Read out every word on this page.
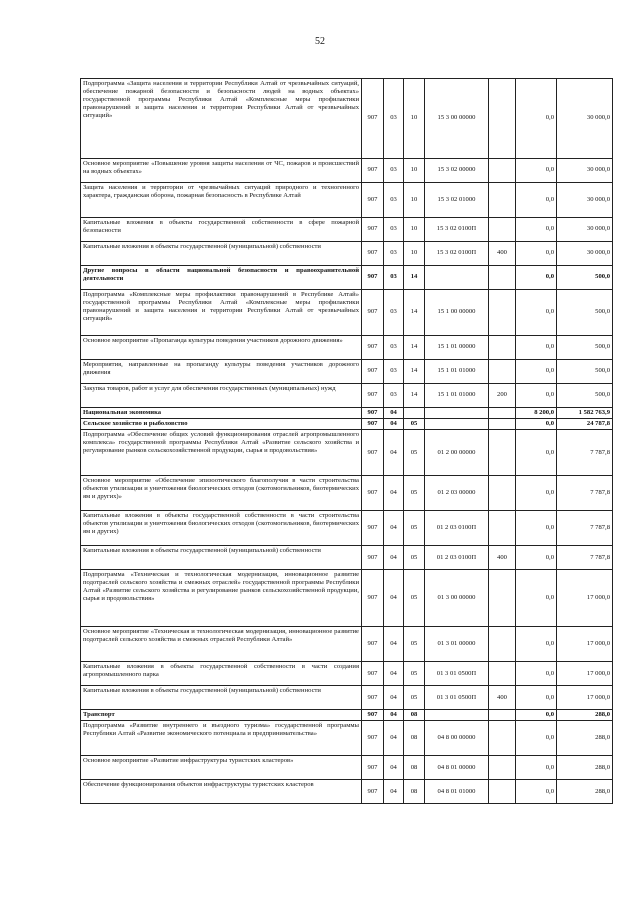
52
Подпрограмма «Защита населения и территории Республики Алтай от чрезвычайных ситуаций, обеспечение пожарной безопасности и безопасности людей на водных объектах» государственной программы Республики Алтай «Комплексные меры профилактики правонарушений и защита населения и территории Республики Алтай от чрезвычайных ситуаций»	907	03	10	15 3 00 00000		0,0	30 000,0
Основное мероприятие «Повышение уровня защиты населения от ЧС, пожаров и происшествий на водных объектах»	907	03	10	15 3 02 00000		0,0	30 000,0
Защита населения и территории от чрезвычайных ситуаций природного и техногенного характера, гражданская оборона, пожарная безопасность в Республике Алтай	907	03	10	15 3 02 01000		0,0	30 000,0
Капитальные вложения в объекты государственной собственности в сфере пожарной безопасности	907	03	10	15 3 02 0100П		0,0	30 000,0
Капитальные вложения в объекты государственной (муниципальной) собственности	907	03	10	15 3 02 0100П	400	0,0	30 000,0
Другие вопросы в области национальной безопасности и правоохранительной деятельности	907	03	14			0,0	500,0
Подпрограмма «Комплексные меры профилактики правонарушений в Республике Алтай» государственной программы Республики Алтай «Комплексные меры профилактики правонарушений и защита населения и территории Республики Алтай от чрезвычайных ситуаций»	907	03	14	15 1 00 00000		0,0	500,0
Основное мероприятие «Пропаганда культуры поведения участников дорожного движения»	907	03	14	15 1 01 00000		0,0	500,0
Мероприятия, направленные на пропаганду культуры поведения участников дорожного движения	907	03	14	15 1 01 01000		0,0	500,0
Закупка товаров, работ и услуг для обеспечения государственных (муниципальных) нужд	907	03	14	15 1 01 01000	200	0,0	500,0
Национальная экономика	907	04				8 200,0	1 582 763,9
Сельское хозяйство и рыболовство	907	04	05			0,0	24 787,8
Подпрограмма «Обеспечение общих условий функционирования отраслей агропромышленного комплекса» государственной программы Республики Алтай «Развитие сельского хозяйства и регулирование рынков сельскохозяйственной продукции, сырья и продовольствия»	907	04	05	01 2 00 00000		0,0	7 787,8
Основное мероприятие «Обеспечение эпизоотического благополучия в части строительства объектов утилизации и уничтожения биологических отходов (скотомогильников, биотермических ям и других)»	907	04	05	01 2 03 00000		0,0	7 787,8
Капитальные вложения в объекты государственной собственности в части строительства объектов утилизации и уничтожения биологических отходов (скотомогильников, биотермических ям и других)	907	04	05	01 2 03 0100П		0,0	7 787,8
Капитальные вложения в объекты государственной (муниципальной) собственности	907	04	05	01 2 03 0100П	400	0,0	7 787,8
Подпрограмма «Техническая и технологическая модернизация, инновационное развитие подотраслей сельского хозяйства и смежных отраслей» государственной программы Республики Алтай «Развитие сельского хозяйства и регулирование рынков сельскохозяйственной продукции, сырья и продовольствия»	907	04	05	01 3 00 00000		0,0	17 000,0
Основное мероприятие «Техническая и технологическая модернизация, инновационное развитие подотраслей сельского хозяйства и смежных отраслей Республики Алтай»	907	04	05	01 3 01 00000		0,0	17 000,0
Капитальные вложения в объекты государственной собственности в части создания агропромышленного парка	907	04	05	01 3 01 0500П		0,0	17 000,0
Капитальные вложения в объекты государственной (муниципальной) собственности	907	04	05	01 3 01 0500П	400	0,0	17 000,0
Транспорт	907	04	08			0,0	288,0
Подпрограмма «Развитие внутреннего и въездного туризма» государственной программы Республики Алтай «Развитие экономического потенциала и предпринимательства»	907	04	08	04 8 00 00000		0,0	288,0
Основное мероприятие «Развитие инфраструктуры туристских кластеров»	907	04	08	04 8 01 00000		0,0	288,0
Обеспечение функционирования объектов инфраструктуры туристских кластеров	907	04	08	04 8 01 01000		0,0	288,0
